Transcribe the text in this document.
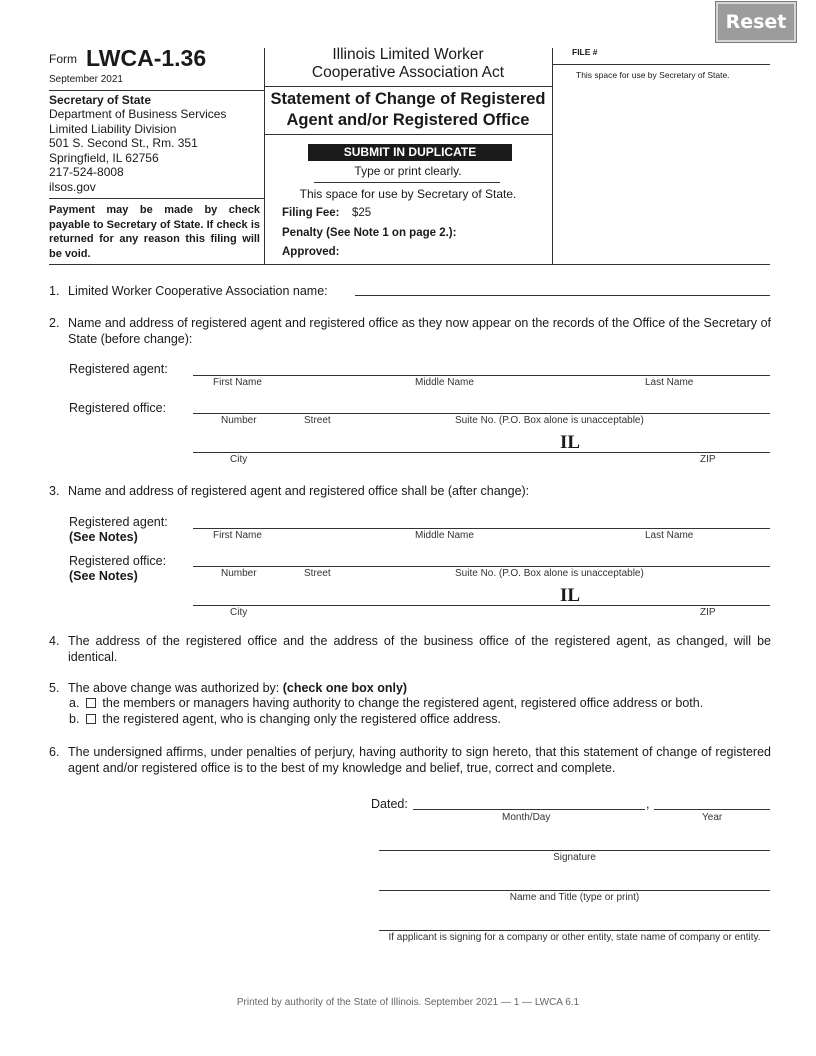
Reset
Form LWCA-1.36
September 2021
Secretary of State
Department of Business Services
Limited Liability Division
501 S. Second St., Rm. 351
Springfield, IL 62756
217-524-8008
ilsos.gov
Payment may be made by check payable to Secretary of State. If check is returned for any reason this filing will be void.
Illinois Limited Worker
Cooperative Association Act
Statement of Change of Registered
Agent and/or Registered Office
SUBMIT IN DUPLICATE
Type or print clearly.
This space for use by Secretary of State.
Filing Fee: $25
Penalty (See Note 1 on page 2.):
Approved:
FILE #
This space for use by Secretary of State.
1. Limited Worker Cooperative Association name:
2. Name and address of registered agent and registered office as they now appear on the records of the Office of the Secretary of State (before change):
Registered agent:
First Name	Middle Name	Last Name
Registered office:
Number	Street	Suite No. (P.O. Box alone is unacceptable)
IL
City	ZIP
3. Name and address of registered agent and registered office shall be (after change):
Registered agent:
(See Notes)	First Name	Middle Name	Last Name
Registered office:
(See Notes)	Number	Street	Suite No. (P.O. Box alone is unacceptable)
IL
City	ZIP
4. The address of the registered office and the address of the business office of the registered agent, as changed, will be identical.
5. The above change was authorized by: (check one box only)
a. the members or managers having authority to change the registered agent, registered office address or both.
b. the registered agent, who is changing only the registered office address.
6. The undersigned affirms, under penalties of perjury, having authority to sign hereto, that this statement of change of registered agent and/or registered office is to the best of my knowledge and belief, true, correct and complete.
Dated:	,
Month/Day	Year
Signature
Name and Title (type or print)
If applicant is signing for a company or other entity, state name of company or entity.
Printed by authority of the State of Illinois. September 2021 — 1 — LWCA 6.1
